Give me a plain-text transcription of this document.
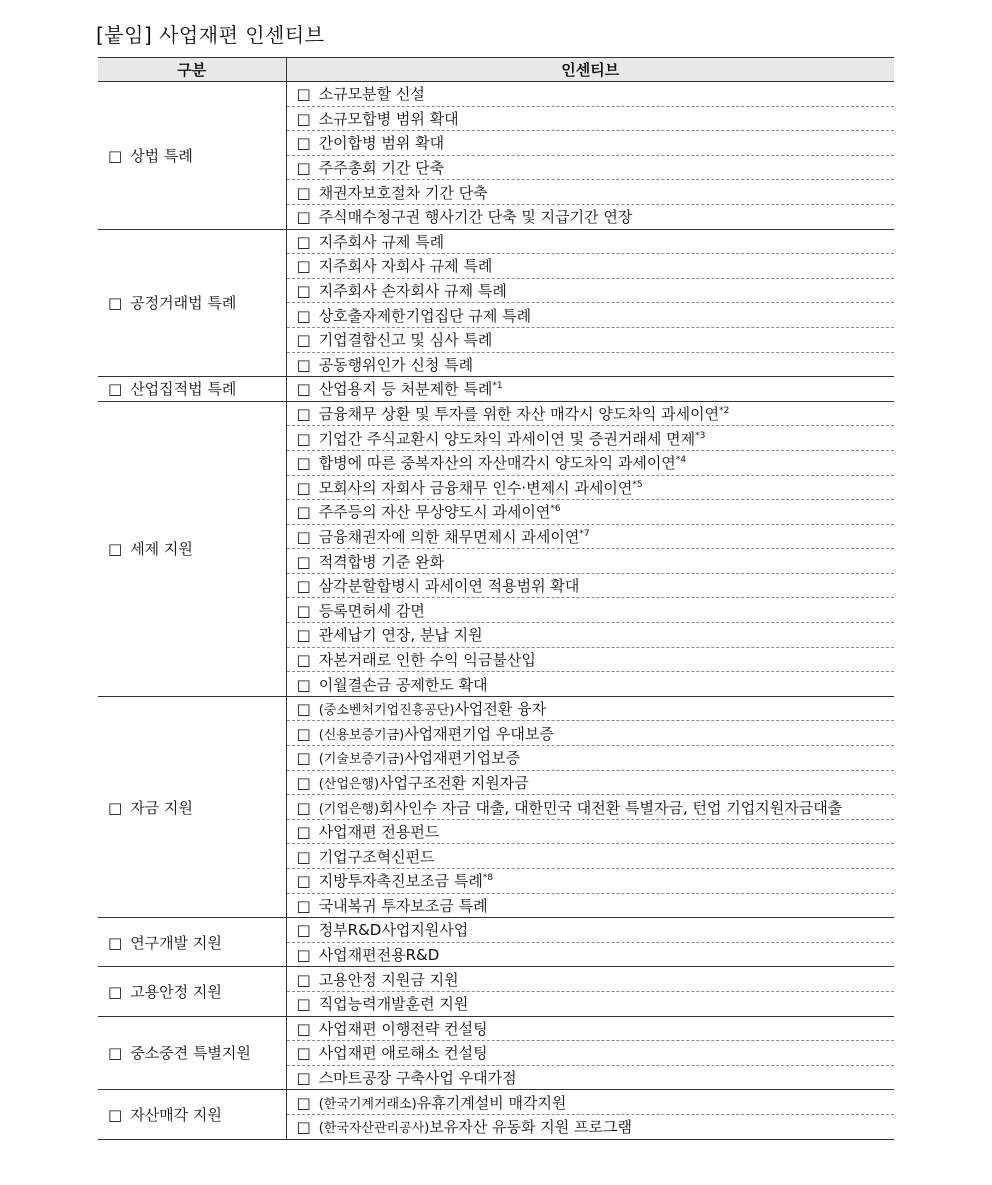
[붙임] 사업재편 인센티브
구분	인센티브
□ 상법 특례	□ 소규모분할 신설
	□ 소규모합병 범위 확대
	□ 간이합병 범위 확대
	□ 주주총회 기간 단축
	□ 채권자보호절차 기간 단축
	□ 주식매수청구권 행사기간 단축 및 지급기간 연장
□ 공정거래법 특례	□ 지주회사 규제 특례
	□ 지주회사 자회사 규제 특례
	□ 지주회사 손자회사 규제 특례
	□ 상호출자제한기업집단 규제 특례
	□ 기업결합신고 및 심사 특례
	□ 공동행위인가 신청 특례
□ 산업집적법 특례	□ 산업용지 등 처분제한 특례$^{*1}$
□ 세제 지원	□ 금융채무 상환 및 투자를 위한 자산 매각시 양도차익 과세이연$^{*2}$
	□ 기업간 주식교환시 양도차익 과세이연 및 증권거래세 면제$^{*3}$
	□ 합병에 따른 중복자산의 자산매각시 양도차익 과세이연$^{*4}$
	□ 모회사의 자회사 금융채무 인수·변제시 과세이연$^{*5}$
	□ 주주등의 자산 무상양도시 과세이연$^{*6}$
	□ 금융채권자에 의한 채무면제시 과세이연$^{*7}$
	□ 적격합병 기준 완화
	□ 삼각분할합병시 과세이연 적용범위 확대
	□ 등록면허세 감면
	□ 관세납기 연장, 분납 지원
	□ 자본거래로 인한 수익 익금불산입
	□ 이월결손금 공제한도 확대
□ 자금 지원	□ (중소벤처기업진흥공단)사업전환 융자
	□ (신용보증기금)사업재편기업 우대보증
	□ (기술보증기금)사업재편기업보증
	□ (산업은행)사업구조전환 지원자금
	□ (기업은행)회사인수 자금 대출, 대한민국 대전환 특별자금, 턴업 기업지원자금대출
	□ 사업재편 전용펀드
	□ 기업구조혁신펀드
	□ 지방투자촉진보조금 특례$^{*8}$
	□ 국내복귀 투자보조금 특례
□ 연구개발 지원	□ 정부R&D사업지원사업
	□ 사업재편전용R&D
□ 고용안정 지원	□ 고용안정 지원금 지원
	□ 직업능력개발훈련 지원
□ 중소중견 특별지원	□ 사업재편 이행전략 컨설팅
	□ 사업재편 애로해소 컨설팅
	□ 스마트공장 구축사업 우대가점
□ 자산매각 지원	□ (한국기계거래소)유휴기계설비 매각지원
	□ (한국자산관리공사)보유자산 유동화 지원 프로그램
